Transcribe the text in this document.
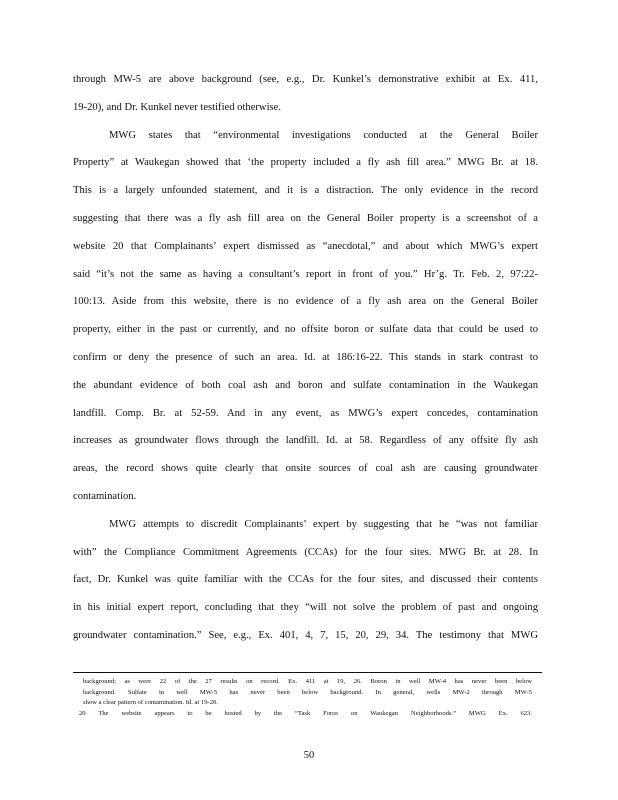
through MW-5 are above background (see, e.g., Dr. Kunkel’s demonstrative exhibit at Ex. 411,
19-20), and Dr. Kunkel never testified otherwise.
MWG states that “environmental investigations conducted at the General Boiler
Property” at Waukegan showed that ‘the property included a fly ash fill area.” MWG Br. at 18.
This is a largely unfounded statement, and it is a distraction. The only evidence in the record
suggesting that there was a fly ash fill area on the General Boiler property is a screenshot of a
website 20 that Complainants’ expert dismissed as “anecdotal,” and about which MWG’s expert
said “it’s not the same as having a consultant’s report in front of you.” Hr’g. Tr. Feb. 2, 97:22-
100:13. Aside from this website, there is no evidence of a fly ash area on the General Boiler
property, either in the past or currently, and no offsite boron or sulfate data that could be used to
confirm or deny the presence of such an area. Id. at 186:16-22. This stands in stark contrast to
the abundant evidence of both coal ash and boron and sulfate contamination in the Waukegan
landfill. Comp. Br. at 52-59. And in any event, as MWG’s expert concedes, contamination
increases as groundwater flows through the landfill. Id. at 58. Regardless of any offsite fly ash
areas, the record shows quite clearly that onsite sources of coal ash are causing groundwater
contamination.
MWG attempts to discredit Complainants’ expert by suggesting that he “was not familiar
with” the Compliance Commitment Agreements (CCAs) for the four sites. MWG Br. at 28. In
fact, Dr. Kunkel was quite familiar with the CCAs for the four sites, and discussed their contents
in his initial expert report, concluding that they “will not solve the problem of past and ongoing
groundwater contamination.” See, e.g., Ex. 401, 4, 7, 15, 20, 29, 34. The testimony that MWG
background; as were 22 of the 27 results on record. Ex. 411 at 19, 26. Boron in well MW-4 has never been below
background. Sulfate in well MW-5 has never been below background. In general, wells MW-2 through MW-5
show a clear pattern of contamination. Id. at 19-20.
20 The website appears to be hosted by the “Task Force on Waukegan Neighborhoods.” MWG Ex. 623.
50
